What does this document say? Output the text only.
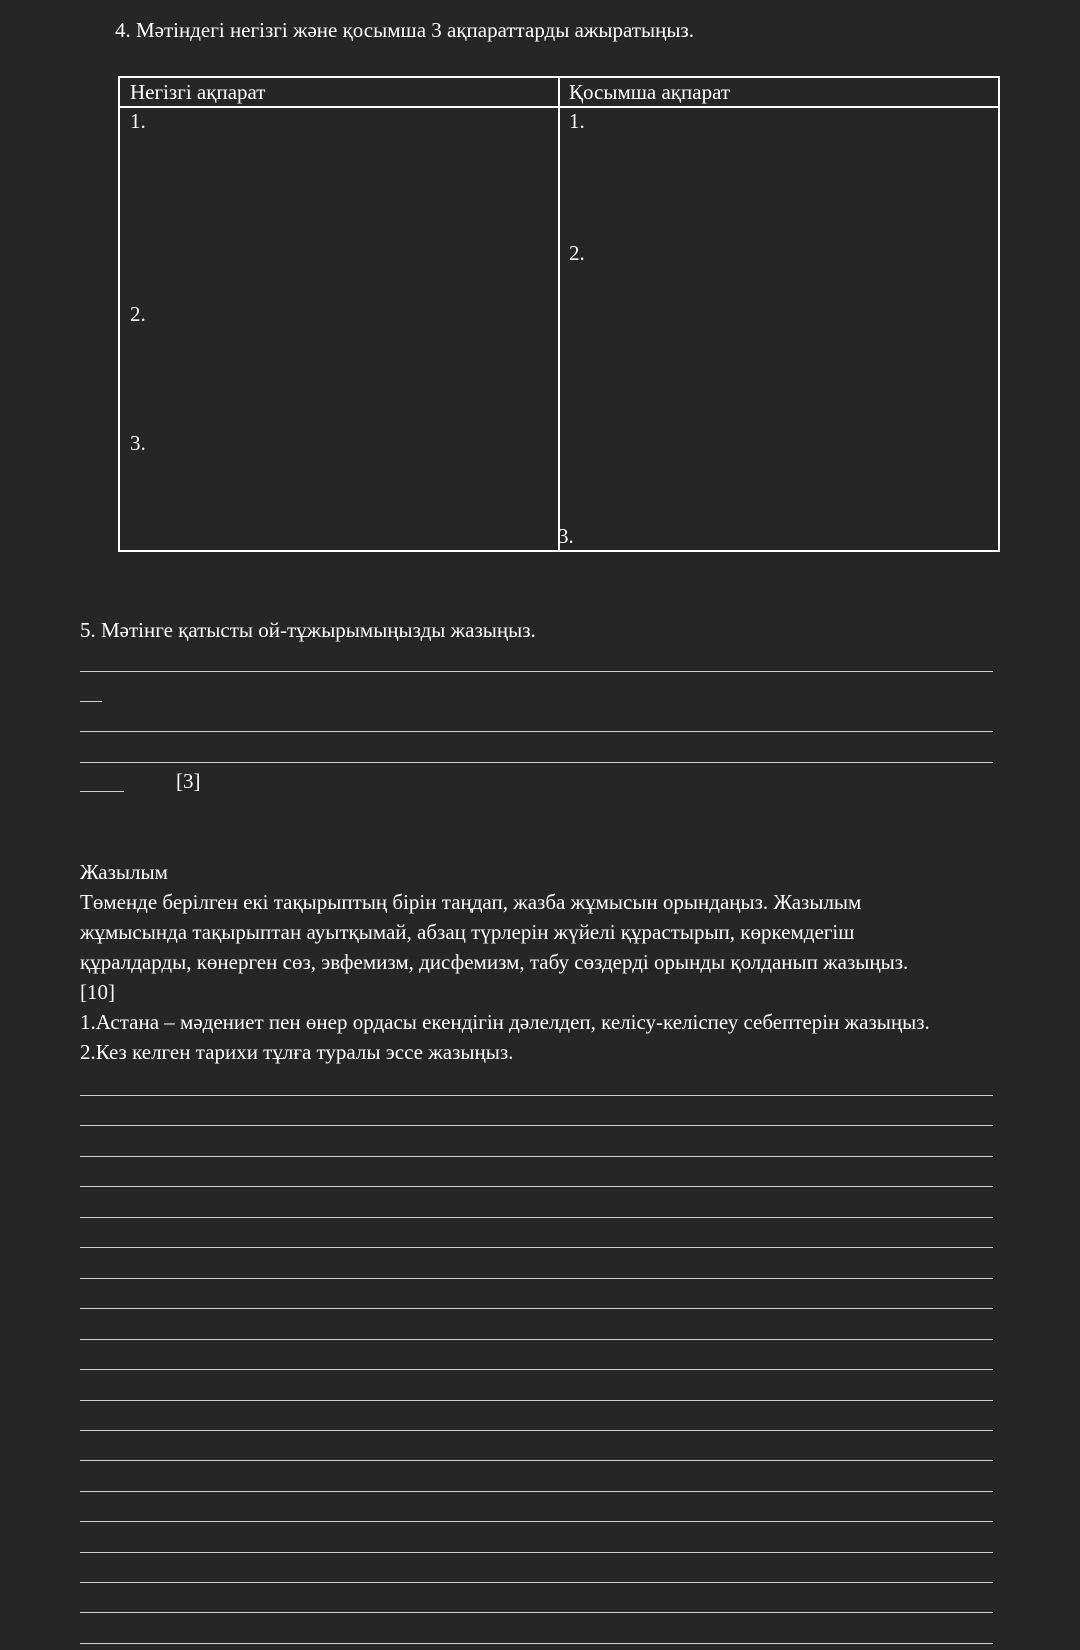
4. Мәтіндегі негізгі және қосымша 3 ақпараттарды ажыратыңыз.
Негізгі ақпарат	Қосымша ақпарат
1.
2.
3.
1.
2.
3.
5. Мәтінге қатысты ой-тұжырымыңызды жазыңыз.
[3]
Жазылым
Төменде берілген екі тақырыптың бірін таңдап, жазба жұмысын орындаңыз. Жазылым
жұмысында тақырыптан ауытқымай, абзац түрлерін жүйелі құрастырып, көркемдегіш
құралдарды, көнерген сөз, эвфемизм, дисфемизм, табу сөздерді орынды қолданып жазыңыз.
[10]
1.Астана – мәдениет пен өнер ордасы екендігін дәлелдеп, келісу-келіспеу себептерін жазыңыз.
2.Кез келген тарихи тұлға туралы эссе жазыңыз.
